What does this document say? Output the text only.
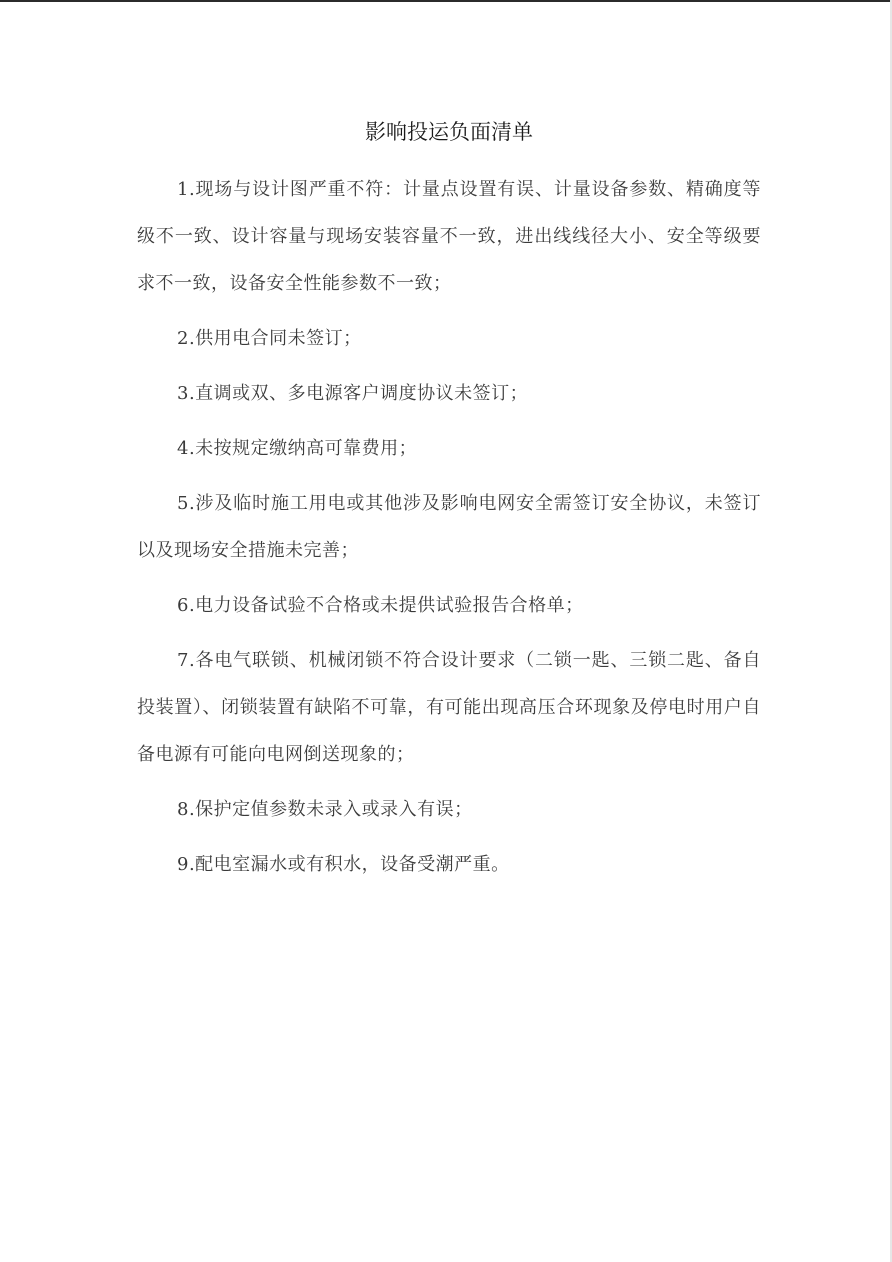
影响投运负面清单

1.现场与设计图严重不符：计量点设置有误、计量设备参数、精确度等级不一致、设计容量与现场安装容量不一致，进出线线径大小、安全等级要求不一致，设备安全性能参数不一致；

2.供用电合同未签订；

3.直调或双、多电源客户调度协议未签订；

4.未按规定缴纳高可靠费用；

5.涉及临时施工用电或其他涉及影响电网安全需签订安全协议，未签订以及现场安全措施未完善；

6.电力设备试验不合格或未提供试验报告合格单；

7.各电气联锁、机械闭锁不符合设计要求（二锁一匙、三锁二匙、备自投装置）、闭锁装置有缺陷不可靠，有可能出现高压合环现象及停电时用户自备电源有可能向电网倒送现象的；

8.保护定值参数未录入或录入有误；

9.配电室漏水或有积水，设备受潮严重。
